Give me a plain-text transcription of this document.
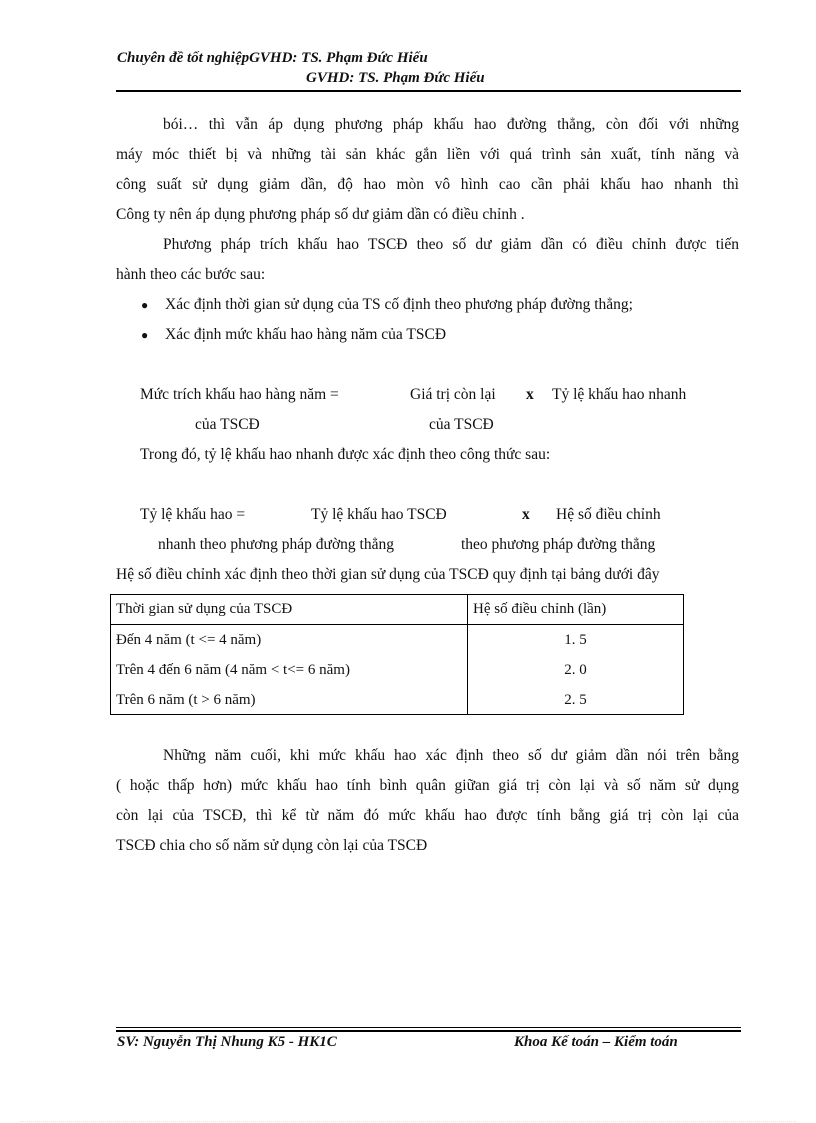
Chuyên đề tốt nghiệpGVHD: TS. Phạm Đức Hiếu
GVHD: TS. Phạm Đức Hiếu
bói… thì vẫn áp dụng phương pháp khấu hao đường thẳng, còn đối với những
máy móc thiết bị và những tài sản khác gắn liền với quá trình sản xuất, tính năng và
công suất sử dụng giảm dần, độ hao mòn vô hình cao cần phải khấu hao nhanh thì
Công ty nên áp dụng phương pháp số dư giảm dần có điều chỉnh .
Phương pháp trích khấu hao TSCĐ theo số dư giảm dần có điều chỉnh được tiến
hành theo các bước sau:
● Xác định thời gian sử dụng của TS cố định theo phương pháp đường thẳng;
● Xác định mức khấu hao hàng năm của TSCĐ
Mức trích khấu hao hàng năm =	Giá trị còn lại x Tỷ lệ khấu hao nhanh
của TSCĐ	của TSCĐ
Trong đó, tỷ lệ khấu hao nhanh được xác định theo công thức sau:
Tỷ lệ khấu hao =	Tỷ lệ khấu hao TSCĐ	x Hệ số điều chỉnh
nhanh theo phương pháp đường thẳng	theo phương pháp đường thẳng
Hệ số điều chỉnh xác định theo thời gian sử dụng của TSCĐ quy định tại bảng dưới đây
Thời gian sử dụng của TSCĐ	Hệ số điều chỉnh (lần)
Đến 4 năm (t <= 4 năm)	1. 5
Trên 4 đến 6 năm (4 năm < t<= 6 năm)	2. 0
Trên 6 năm (t > 6 năm)	2. 5
Những năm cuối, khi mức khấu hao xác định theo số dư giảm dần nói trên bằng
( hoặc thấp hơn) mức khấu hao tính bình quân giữan giá trị còn lại và số năm sử dụng
còn lại của TSCĐ, thì kể từ năm đó mức khấu hao được tính bằng giá trị còn lại của
TSCĐ chia cho số năm sử dụng còn lại của TSCĐ
SV: Nguyễn Thị Nhung K5 - HK1C	Khoa Kế toán – Kiểm toán
